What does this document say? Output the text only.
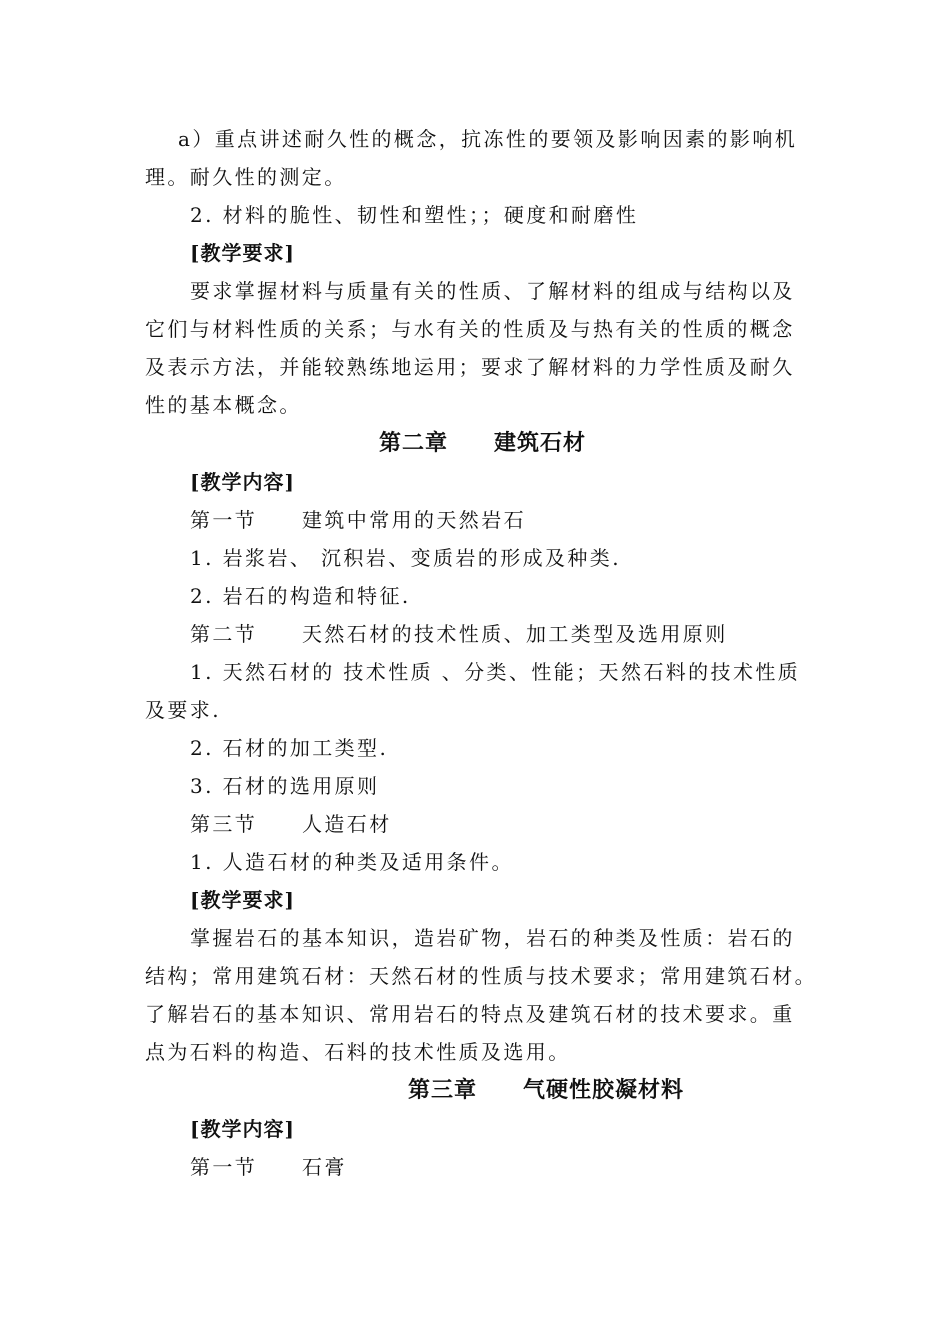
a）重点讲述耐久性的概念，抗冻性的要领及影响因素的影响机
理。耐久性的测定。
2. 材料的脆性、韧性和塑性；；硬度和耐磨性
[教学要求]
要求掌握材料与质量有关的性质、了解材料的组成与结构以及
它们与材料性质的关系；与水有关的性质及与热有关的性质的概念
及表示方法，并能较熟练地运用；要求了解材料的力学性质及耐久
性的基本概念。
第二章　　建筑石材
[教学内容]
第一节　　建筑中常用的天然岩石
1. 岩浆岩、 沉积岩、变质岩的形成及种类.
2. 岩石的构造和特征.
第二节　　天然石材的技术性质、加工类型及选用原则
1. 天然石材的 技术性质 、分类、性能；天然石料的技术性质
及要求.
2. 石材的加工类型.
3. 石材的选用原则
第三节　　人造石材
1. 人造石材的种类及适用条件。
[教学要求]
掌握岩石的基本知识，造岩矿物，岩石的种类及性质：岩石的
结构；常用建筑石材：天然石材的性质与技术要求；常用建筑石材。
了解岩石的基本知识、常用岩石的特点及建筑石材的技术要求。重
点为石料的构造、石料的技术性质及选用。
第三章　　气硬性胶凝材料
[教学内容]
第一节　　石膏
